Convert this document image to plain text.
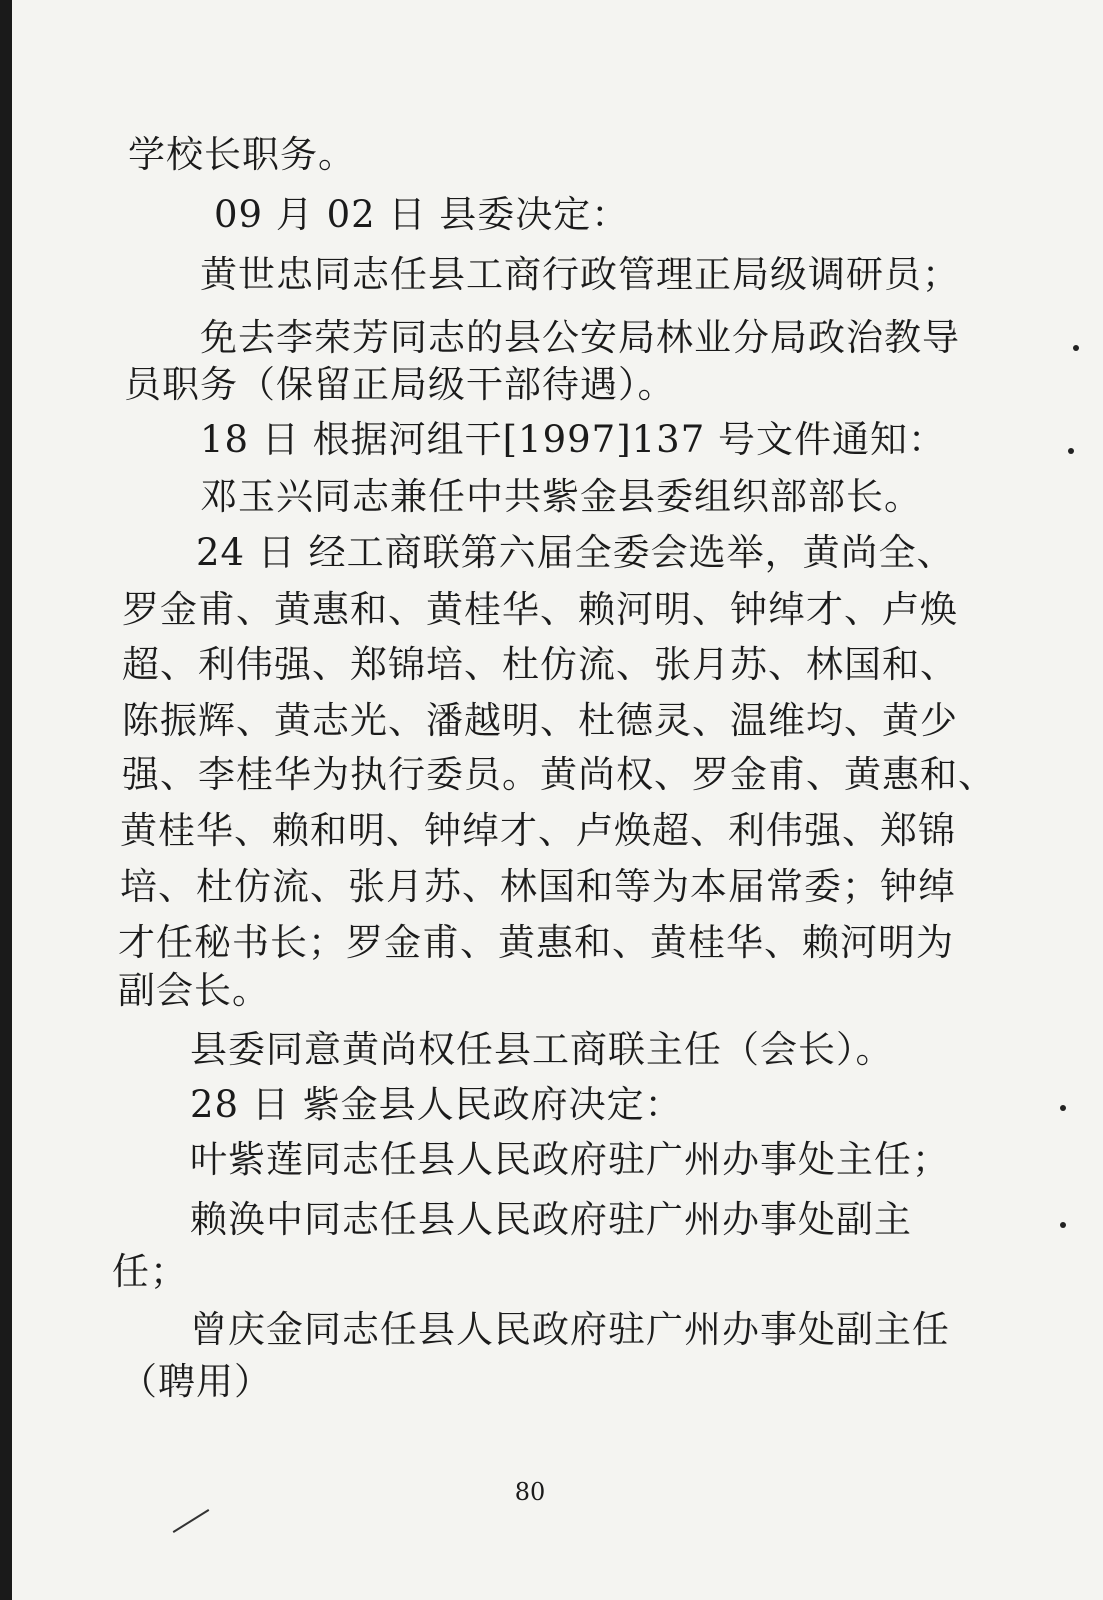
学校长职务。
09 月 02 日 县委决定：
黄世忠同志任县工商行政管理正局级调研员；
免去李荣芳同志的县公安局林业分局政治教导
员职务（保留正局级干部待遇）。
18 日 根据河组干[1997]137 号文件通知：
邓玉兴同志兼任中共紫金县委组织部部长。
24 日 经工商联第六届全委会选举，黄尚全、
罗金甫、黄惠和、黄桂华、赖河明、钟绰才、卢焕
超、利伟强、郑锦培、杜仿流、张月苏、林国和、
陈振辉、黄志光、潘越明、杜德灵、温维均、黄少
强、李桂华为执行委员。黄尚权、罗金甫、黄惠和、
黄桂华、赖和明、钟绰才、卢焕超、利伟强、郑锦
培、杜仿流、张月苏、林国和等为本届常委；钟绰
才任秘书长；罗金甫、黄惠和、黄桂华、赖河明为
副会长。
县委同意黄尚权任县工商联主任（会长）。
28 日 紫金县人民政府决定：
叶紫莲同志任县人民政府驻广州办事处主任；
赖涣中同志任县人民政府驻广州办事处副主
任；
曾庆金同志任县人民政府驻广州办事处副主任
（聘用）
80
